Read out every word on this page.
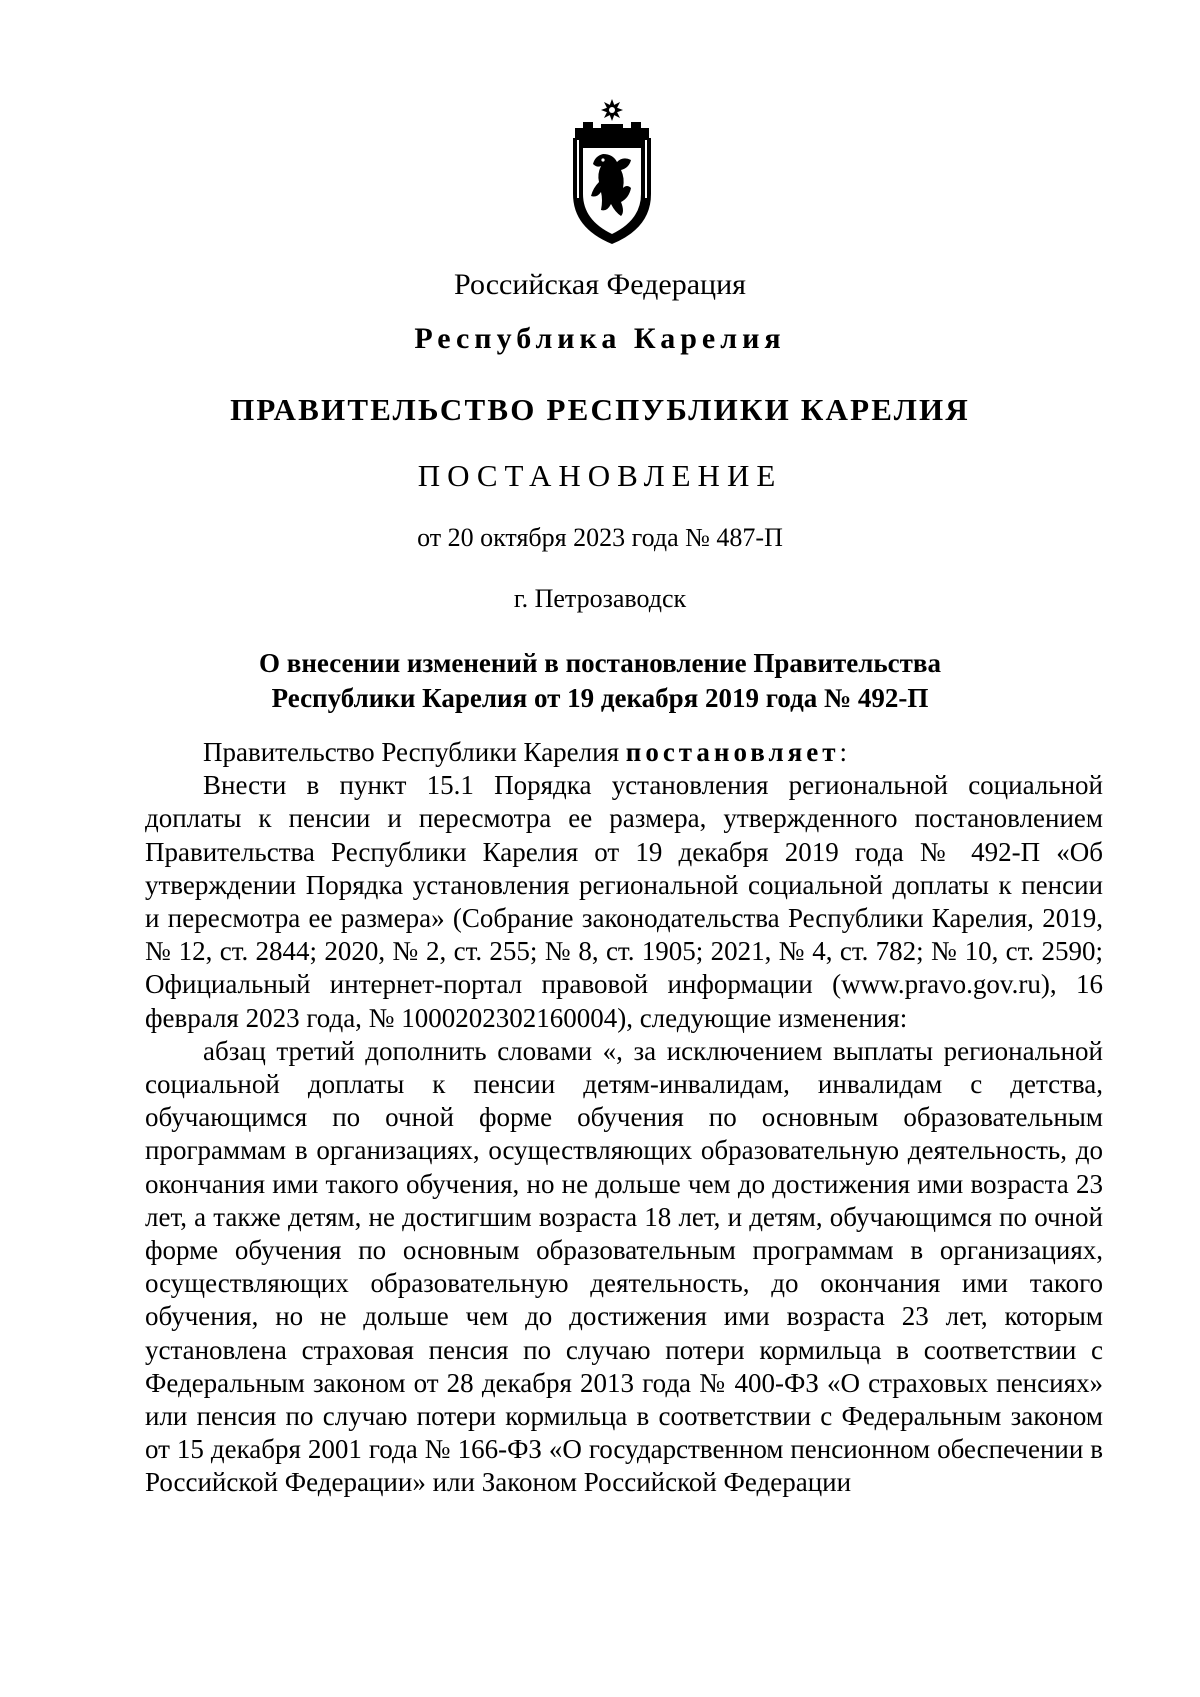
Российская Федерация
Республика Карелия
ПРАВИТЕЛЬСТВО РЕСПУБЛИКИ КАРЕЛИЯ
ПОСТАНОВЛЕНИЕ
от 20 октября 2023 года № 487-П
г. Петрозаводск
О внесении изменений в постановление Правительства
Республики Карелия от 19 декабря 2019 года № 492-П

Правительство Республики Карелия постановляет:

Внести в пункт 15.1 Порядка установления региональной социальной доплаты к пенсии и пересмотра ее размера, утвержденного постановлением Правительства Республики Карелия от 19 декабря 2019 года № 492-П «Об утверждении Порядка установления региональной социальной доплаты к пенсии и пересмотра ее размера» (Собрание законодательства Республики Карелия, 2019, № 12, ст. 2844; 2020, № 2, ст. 255; № 8, ст. 1905; 2021, № 4, ст. 782; № 10, ст. 2590; Официальный интернет-портал правовой информации (www.pravo.gov.ru), 16 февраля 2023 года, № 1000202302160004), следующие изменения:

абзац третий дополнить словами «, за исключением выплаты региональной социальной доплаты к пенсии детям-инвалидам, инвалидам с детства, обучающимся по очной форме обучения по основным образовательным программам в организациях, осуществляющих образовательную деятельность, до окончания ими такого обучения, но не дольше чем до достижения ими возраста 23 лет, а также детям, не достигшим возраста 18 лет, и детям, обучающимся по очной форме обучения по основным образовательным программам в организациях, осуществляющих образовательную деятельность, до окончания ими такого обучения, но не дольше чем до достижения ими возраста 23 лет, которым установлена страховая пенсия по случаю потери кормильца в соответствии с Федеральным законом от 28 декабря 2013 года № 400-ФЗ «О страховых пенсиях» или пенсия по случаю потери кормильца в соответствии с Федеральным законом от 15 декабря 2001 года № 166-ФЗ «О государственном пенсионном обеспечении в Российской Федерации» или Законом Российской Федерации
